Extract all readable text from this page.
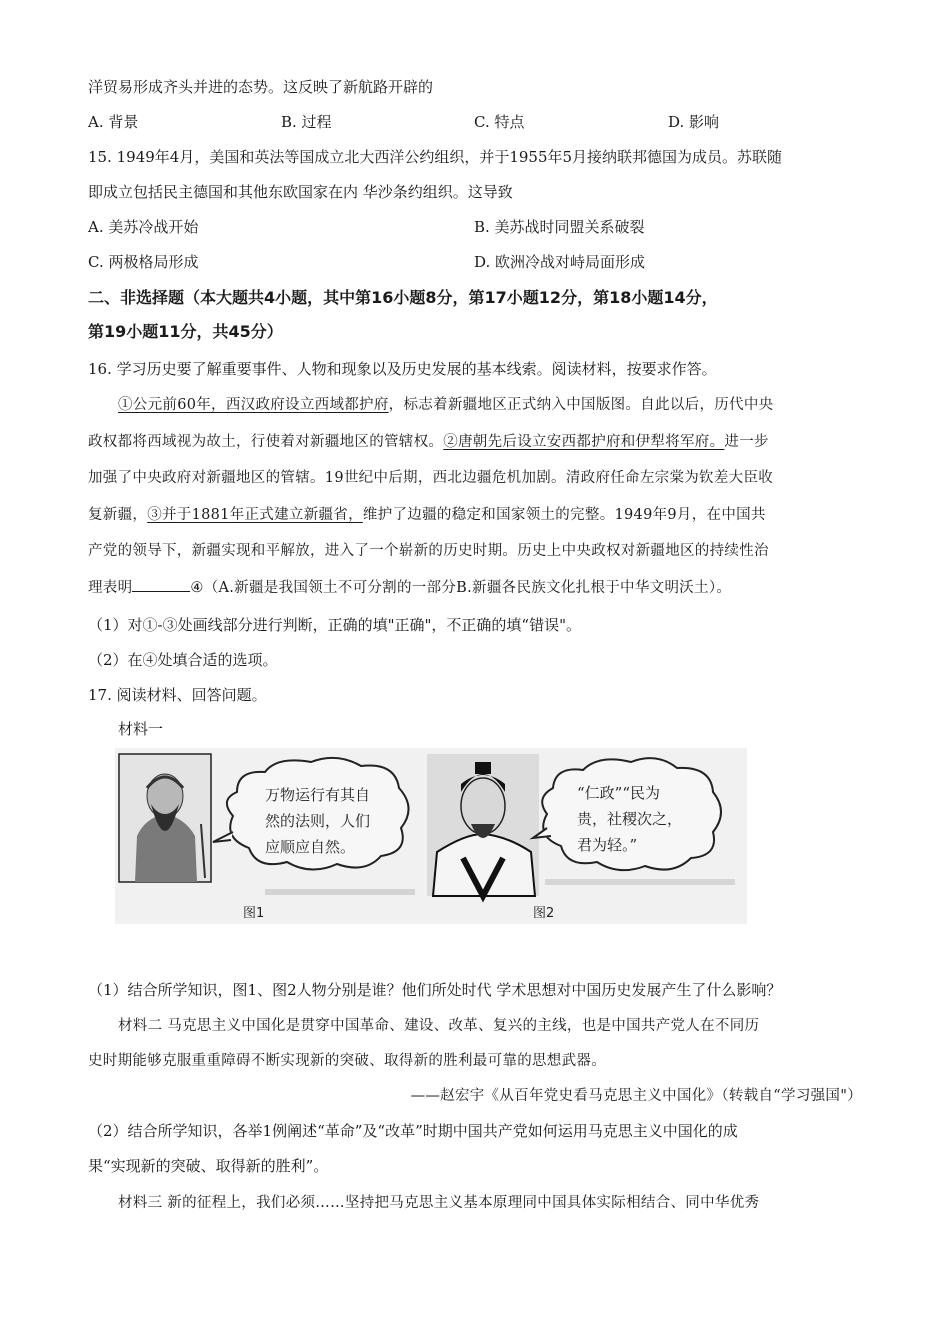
洋贸易形成齐头并进的态势。这反映了新航路开辟的
A. 背景	B. 过程	C. 特点	D. 影响
15. 1949年4月，美国和英法等国成立北大西洋公约组织，并于1955年5月接纳联邦德国为成员。苏联随
即成立包括民主德国和其他东欧国家在内 华沙条约组织。这导致
A. 美苏冷战开始	B. 美苏战时同盟关系破裂
C. 两极格局形成	D. 欧洲冷战对峙局面形成
二、非选择题（本大题共4小题，其中第16小题8分，第17小题12分，第18小题14分，
第19小题11分，共45分）
16. 学习历史要了解重要事件、人物和现象以及历史发展的基本线索。阅读材料，按要求作答。
①公元前60年，西汉政府设立西域都护府，标志着新疆地区正式纳入中国版图。自此以后，历代中央
政权都将西域视为故土，行使着对新疆地区的管辖权。②唐朝先后设立安西都护府和伊犁将军府。进一步
加强了中央政府对新疆地区的管辖。19世纪中后期，西北边疆危机加剧。清政府任命左宗棠为钦差大臣收
复新疆，③并于1881年正式建立新疆省，维护了边疆的稳定和国家领土的完整。1949年9月，在中国共
产党的领导下，新疆实现和平解放，进入了一个崭新的历史时期。历史上中央政权对新疆地区的持续性治
理表明	④（A.新疆是我国领土不可分割的一部分B.新疆各民族文化扎根于中华文明沃土）。
（1）对①-③处画线部分进行判断，正确的填"正确"，不正确的填“错误"。
（2）在④处填合适的选项。
17. 阅读材料、回答问题。
材料一
万物运行有其自
然的法则，人们
应顺应自然。
“仁政”“民为
贵，社稷次之，
君为轻。”
图1	图2
（1）结合所学知识，图1、图2人物分别是谁？他们所处时代 学术思想对中国历史发展产生了什么影响？
材料二 马克思主义中国化是贯穿中国革命、建设、改革、复兴的主线，也是中国共产党人在不同历
史时期能够克服重重障碍不断实现新的突破、取得新的胜利最可靠的思想武器。
——赵宏宇《从百年党史看马克思主义中国化》（转载自“学习强国"）
（2）结合所学知识，各举1例阐述“革命”及“改革”时期中国共产党如何运用马克思主义中国化的成
果“实现新的突破、取得新的胜利”。
材料三 新的征程上，我们必须……坚持把马克思主义基本原理同中国具体实际相结合、同中华优秀
